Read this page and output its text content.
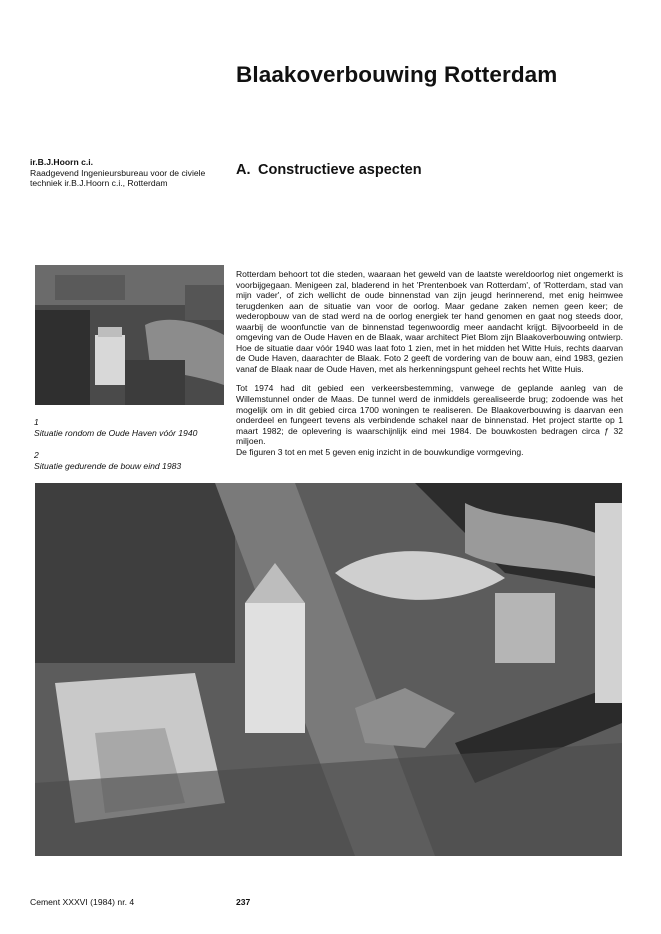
Blaakoverbouwing Rotterdam
ir.B.J.Hoorn c.i.
Raadgevend Ingenieursbureau voor de civiele techniek ir.B.J.Hoorn c.i., Rotterdam
A. Constructieve aspecten
1
Situatie rondom de Oude Haven vóór 1940
2
Situatie gedurende de bouw eind 1983

Rotterdam behoort tot die steden, waaraan het geweld van de laatste wereldoorlog niet ongemerkt is voorbijgegaan. Menigeen zal, bladerend in het 'Prentenboek van Rotterdam', of 'Rotterdam, stad van mijn vader', of zich wellicht de oude binnenstad van zijn jeugd herinnerend, met enig heimwee terugdenken aan de situatie van voor de oorlog. Maar gedane zaken nemen geen keer; de wederopbouw van de stad werd na de oorlog energiek ter hand genomen en gaat nog steeds door, waarbij de woonfunctie van de binnenstad tegenwoordig meer aandacht krijgt. Bijvoorbeeld in de omgeving van de Oude Haven en de Blaak, waar architect Piet Blom zijn Blaakoverbouwing ontwierp. Hoe de situatie daar vóór 1940 was laat foto 1 zien, met in het midden het Witte Huis, rechts daarvan de Oude Haven, daarachter de Blaak. Foto 2 geeft de vordering van de bouw aan, eind 1983, gezien vanaf de Blaak naar de Oude Haven, met als herkenningspunt geheel rechts het Witte Huis.

Tot 1974 had dit gebied een verkeersbestemming, vanwege de geplande aanleg van de Willemstunnel onder de Maas. De tunnel werd de inmiddels gerealiseerde brug; zodoende was het mogelijk om in dit gebied circa 1700 woningen te realiseren. De Blaakoverbouwing is daarvan een onderdeel en fungeert tevens als verbindende schakel naar de binnenstad. Het project startte op 1 maart 1982; de oplevering is waarschijnlijk eind mei 1984. De bouwkosten bedragen circa ƒ 32 miljoen.

De figuren 3 tot en met 5 geven enig inzicht in de bouwkundige vormgeving.

Cement XXXVI (1984) nr. 4	237
